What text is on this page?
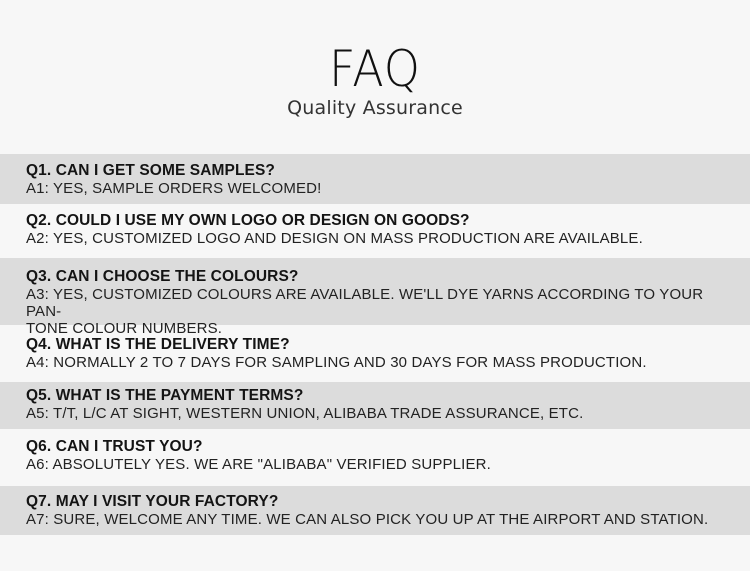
FAQ
Quality Assurance
Q1. CAN I GET SOME SAMPLES?
A1: YES, SAMPLE ORDERS WELCOMED!
Q2. COULD I USE MY OWN LOGO OR DESIGN ON GOODS?
A2: YES, CUSTOMIZED LOGO AND DESIGN ON MASS PRODUCTION ARE AVAILABLE.
Q3. CAN I CHOOSE THE COLOURS?
A3: YES, CUSTOMIZED COLOURS ARE AVAILABLE. WE'LL DYE YARNS ACCORDING TO YOUR PAN-
TONE COLOUR NUMBERS.
Q4. WHAT IS THE DELIVERY TIME?
A4: NORMALLY 2 TO 7 DAYS FOR SAMPLING AND 30 DAYS FOR MASS PRODUCTION.
Q5. WHAT IS THE PAYMENT TERMS?
A5: T/T, L/C AT SIGHT, WESTERN UNION, ALIBABA TRADE ASSURANCE, ETC.
Q6. CAN I TRUST YOU?
A6: ABSOLUTELY YES. WE ARE "ALIBABA" VERIFIED SUPPLIER.
Q7. MAY I VISIT YOUR FACTORY?
A7: SURE, WELCOME ANY TIME. WE CAN ALSO PICK YOU UP AT THE AIRPORT AND STATION.
